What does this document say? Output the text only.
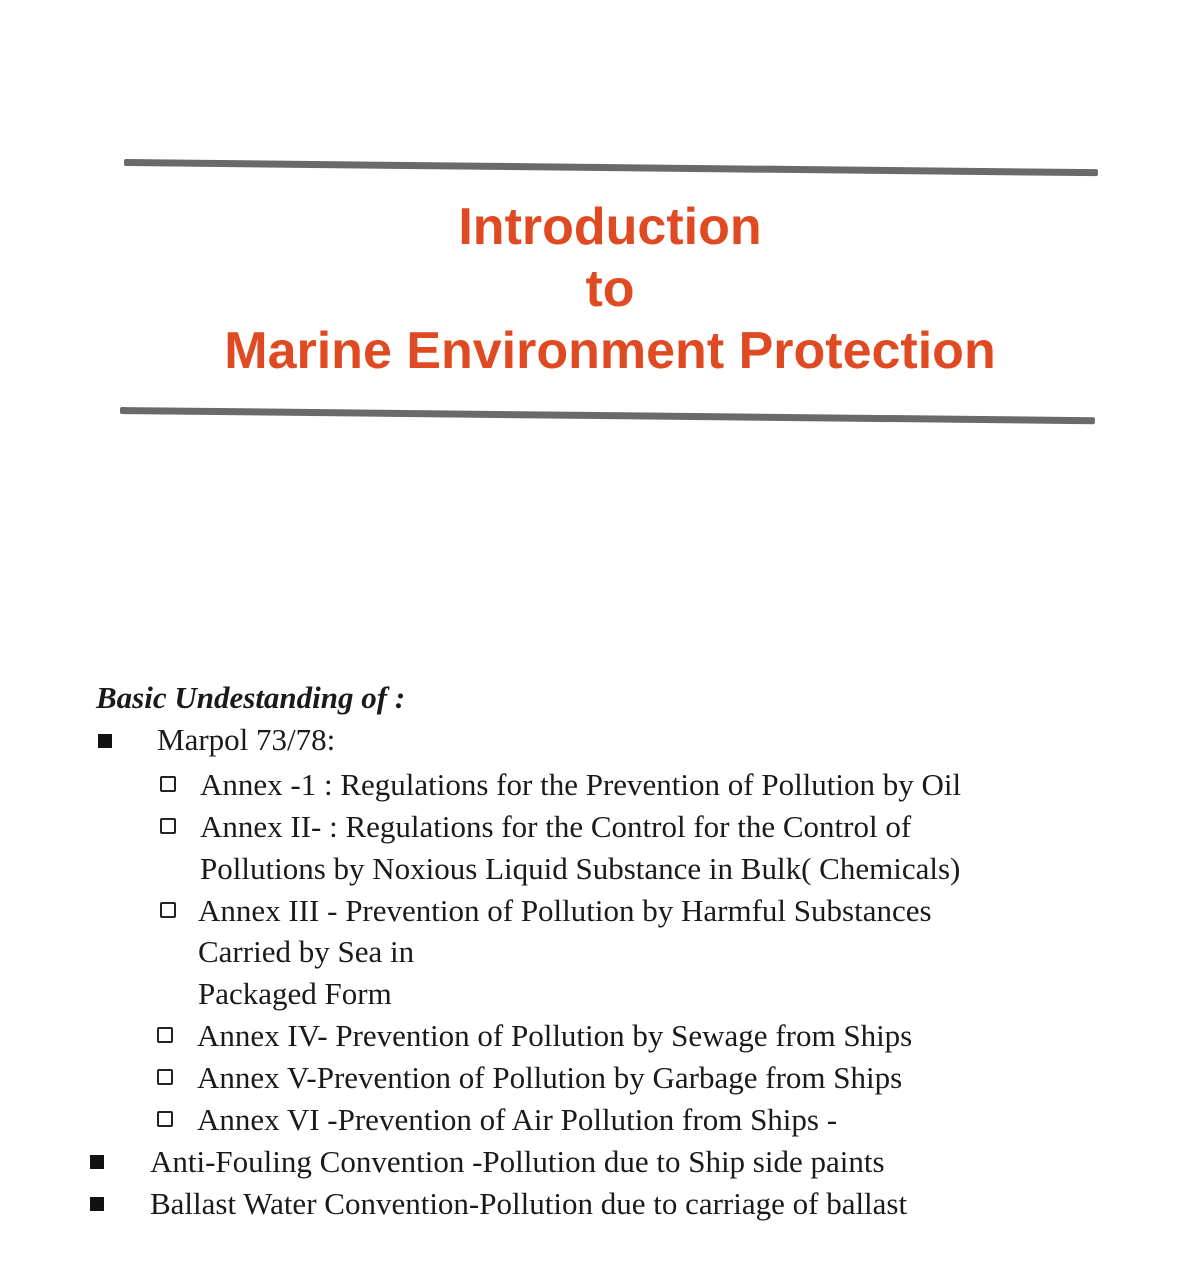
Introduction
to
Marine Environment Protection
Basic Undestanding of :
Marpol 73/78:
Annex -1 : Regulations for the Prevention of Pollution by Oil
Annex II- : Regulations for the Control for the Control of
Pollutions by Noxious Liquid Substance in Bulk( Chemicals)
Annex III - Prevention of Pollution by Harmful Substances
Carried by Sea in
Packaged Form
Annex IV- Prevention of Pollution by Sewage from Ships
Annex V-Prevention of Pollution by Garbage from Ships
Annex VI -Prevention of Air Pollution from Ships -
Anti-Fouling Convention -Pollution due to Ship side paints
Ballast Water Convention-Pollution due to carriage of ballast
